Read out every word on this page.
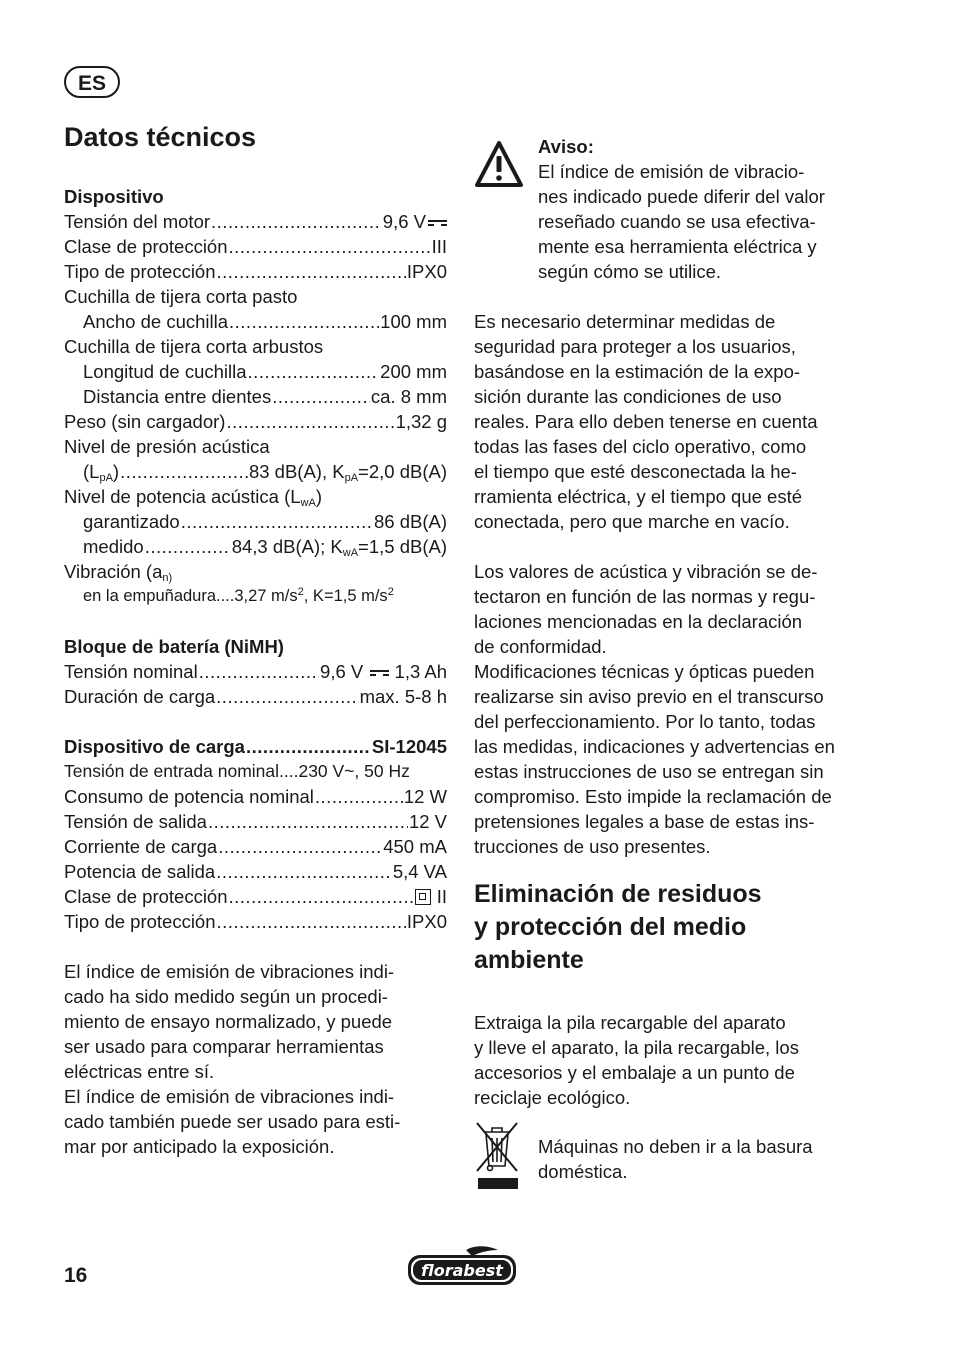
ES
Datos técnicos
Dispositivo
Tensión del motor .....	9,6 V
Clase de protección .....	III
Tipo de protección .....	IPX0
Cuchilla de tijera corta pasto
Ancho de cuchilla .....	100 mm
Cuchilla de tijera corta arbustos
Longitud de cuchilla .....	200 mm
Distancia entre dientes .....	ca. 8 mm
Peso (sin cargador) .....	1,32 g
Nivel de presión acústica
$(L_{pA})$ .....	83 dB(A), $K_{pA}=2,0$ dB(A)
Nivel de potencia acústica $(L_{wA})$
garantizado .....	86 dB(A)
medido .....	84,3 dB(A); $K_{wA}=1,5$ dB(A)
Vibración ($a_{n)}$
en la empuñadura....3,27 $m/s^2$, K=1,5 $m/s^2$
Bloque de batería (NiMH)
Tensión nominal .....	9,6 V 1,3 Ah
Duración de carga .....	max. 5-8 h
Dispositivo de carga .....	SI-12045
Tensión de entrada nominal....230 V~, 50 Hz
Consumo de potencia nominal .....	12 W
Tensión de salida .....	12 V
Corriente de carga .....	450 mA
Potencia de salida .....	5,4 VA
Clase de protección .....	II
Tipo de protección .....	IPX0
El índice de emisión de vibraciones indi-
cado ha sido medido según un procedi-
miento de ensayo normalizado, y puede
ser usado para comparar herramientas
eléctricas entre sí.
El índice de emisión de vibraciones indi-
cado también puede ser usado para esti-
mar por anticipado la exposición.
Aviso:
El índice de emisión de vibracio-
nes indicado puede diferir del valor
reseñado cuando se usa efectiva-
mente esa herramienta eléctrica y
según cómo se utilice.
Es necesario determinar medidas de
seguridad para proteger a los usuarios,
basándose en la estimación de la expo-
sición durante las condiciones de uso
reales. Para ello deben tenerse en cuenta
todas las fases del ciclo operativo, como
el tiempo que esté desconectada la he-
rramienta eléctrica, y el tiempo que esté
conectada, pero que marche en vacío.
Los valores de acústica y vibración se de-
tectaron en función de las normas y regu-
laciones mencionadas en la declaración
de conformidad.
Modificaciones técnicas y ópticas pueden
realizarse sin aviso previo en el transcurso
del perfeccionamiento. Por lo tanto, todas
las medidas, indicaciones y advertencias en
estas instrucciones de uso se entregan sin
compromiso. Esto impide la reclamación de
pretensiones legales a base de estas ins-
trucciones de uso presentes.
Eliminación de residuos
y protección del medio
ambiente
Extraiga la pila recargable del aparato
y lleve el aparato, la pila recargable, los
accesorios y el embalaje a un punto de
reciclaje ecológico.
Máquinas no deben ir a la basura
doméstica.
16	florabest
